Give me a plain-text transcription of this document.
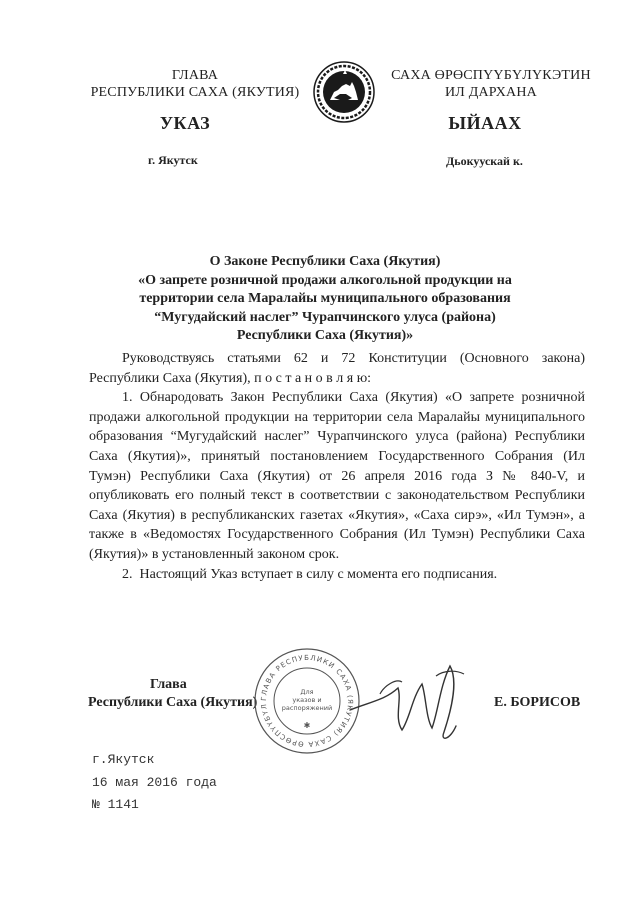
ГЛАВА
РЕСПУБЛИКИ САХА (ЯКУТИЯ)
САХА ӨРӨСПҮҮБҮЛҮКЭТИН
ИЛ ДАРХАНА
УКАЗ	ЫЙААХ
г. Якутск	Дьокуускай к.
О Законе Республики Саха (Якутия)
«О запрете розничной продажи алкогольной продукции на
территории села Маралайы муниципального образования
“Мугудайский наслег” Чурапчинского улуса (района)
Республики Саха (Якутия)»

Руководствуясь статьями 62 и 72 Конституции (Основного закона) Республики Саха (Якутия), п о с т а н о в л я ю:

1. Обнародовать Закон Республики Саха (Якутия) «О запрете розничной продажи алкогольной продукции на территории села Маралайы муниципального образования “Мугудайский наслег” Чурапчинского улуса (района) Республики Саха (Якутия)», принятый постановлением Государственного Собрания (Ил Тумэн) Республики Саха (Якутия) от 26 апреля 2016 года З № 840-V, и опубликовать его полный текст в соответствии с законодательством Республики Саха (Якутия) в республиканских газетах «Якутия», «Саха сирэ», «Ил Тумэн», а также в «Ведомостях Государственного Собрания (Ил Тумэн) Республики Саха (Якутия)» в установленный законом срок.

2.  Настоящий Указ вступает в силу с момента его подписания.

Глава
Республики Саха (Якутия)	Е. БОРИСОВ
ГЛАВА РЕСПУБЛИКИ САХА (ЯКУТИЯ) САХА ӨРӨСПҮҮБҮЛ
Для
указов и
распоряжений
✱
г.Якутск
16 мая 2016 года
№ 1141
